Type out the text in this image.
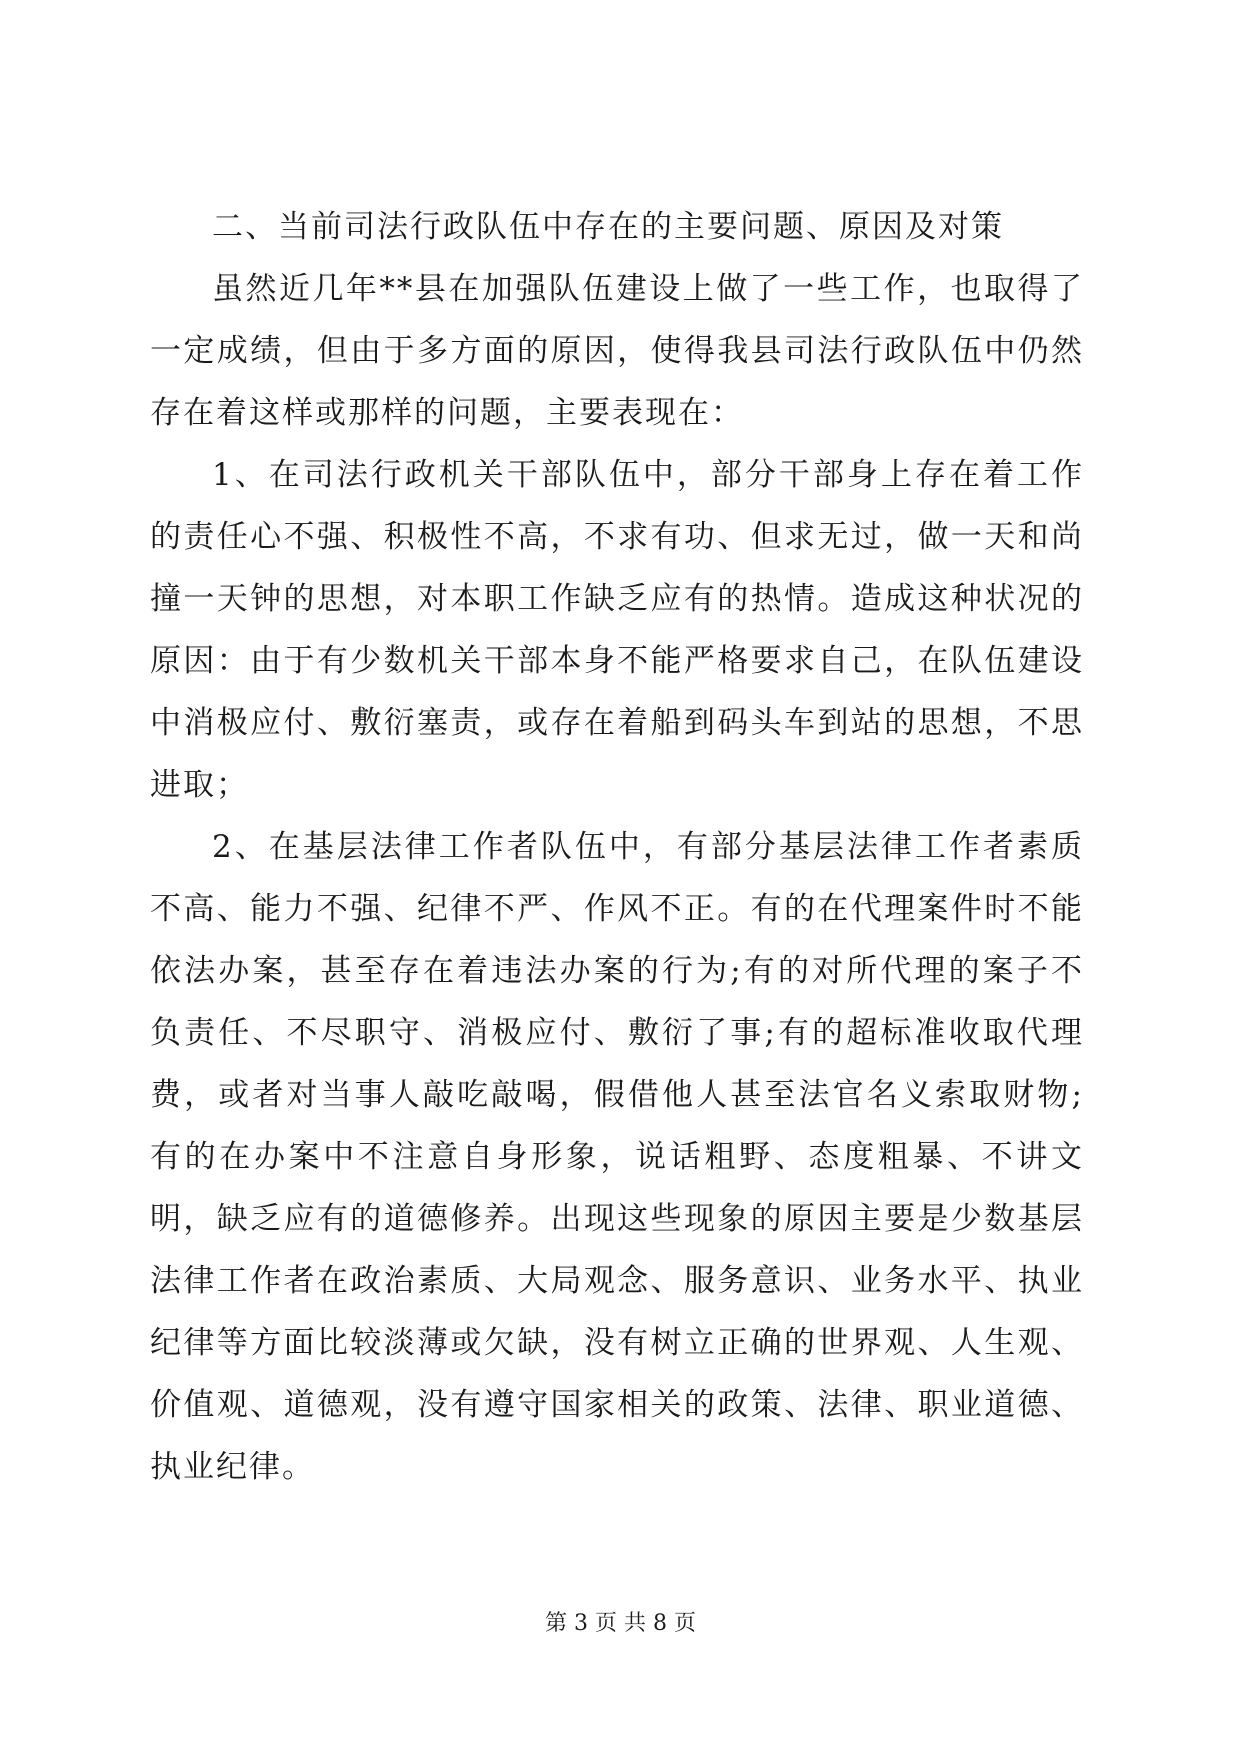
二、当前司法行政队伍中存在的主要问题、原因及对策

虽然近几年**县在加强队伍建设上做了一些工作，也取得了一定成绩，但由于多方面的原因，使得我县司法行政队伍中仍然存在着这样或那样的问题，主要表现在：

1、在司法行政机关干部队伍中，部分干部身上存在着工作的责任心不强、积极性不高，不求有功、但求无过，做一天和尚撞一天钟的思想，对本职工作缺乏应有的热情。造成这种状况的原因：由于有少数机关干部本身不能严格要求自己，在队伍建设中消极应付、敷衍塞责，或存在着船到码头车到站的思想，不思进取；

2、在基层法律工作者队伍中，有部分基层法律工作者素质不高、能力不强、纪律不严、作风不正。有的在代理案件时不能依法办案，甚至存在着违法办案的行为;有的对所代理的案子不负责任、不尽职守、消极应付、敷衍了事;有的超标准收取代理费，或者对当事人敲吃敲喝，假借他人甚至法官名义索取财物;有的在办案中不注意自身形象，说话粗野、态度粗暴、不讲文明，缺乏应有的道德修养。出现这些现象的原因主要是少数基层法律工作者在政治素质、大局观念、服务意识、业务水平、执业纪律等方面比较淡薄或欠缺，没有树立正确的世界观、人生观、价值观、道德观，没有遵守国家相关的政策、法律、职业道德、执业纪律。

第 3 页 共 8 页
